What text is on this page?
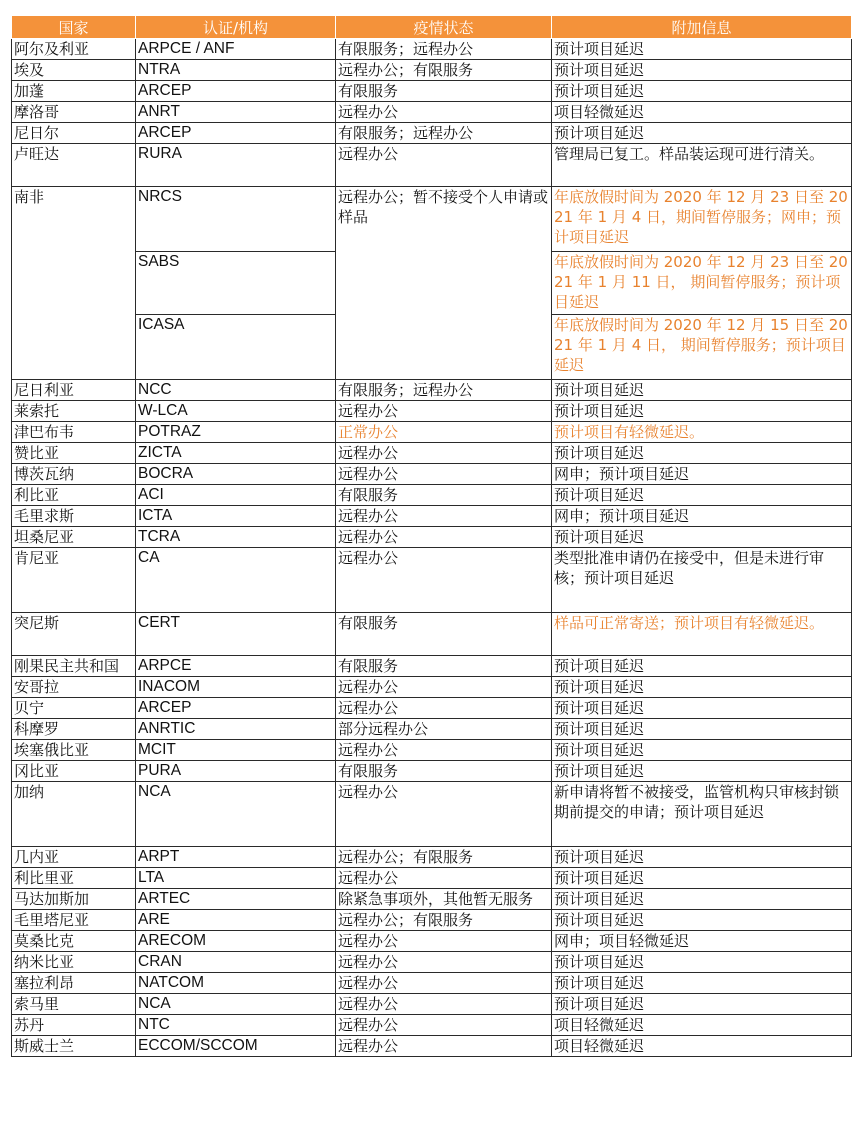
国家	认证/机构	疫情状态	附加信息
阿尔及利亚	ARPCE / ANF	有限服务；远程办公	预计项目延迟
埃及	NTRA	远程办公；有限服务	预计项目延迟
加蓬	ARCEP	有限服务	预计项目延迟
摩洛哥	ANRT	远程办公	项目轻微延迟
尼日尔	ARCEP	有限服务；远程办公	预计项目延迟
卢旺达	RURA	远程办公	管理局已复工。样品装运现可进行清关。
南非	NRCS	远程办公；暂不接受个人申请或样品	年底放假时间为 2020 年 12 月 23 日至 2021 年 1 月 4 日，期间暂停服务；网申；预计项目延迟
	SABS		年底放假时间为 2020 年 12 月 23 日至 2021 年 1 月 11 日， 期间暂停服务；预计项目延迟
	ICASA		年底放假时间为 2020 年 12 月 15 日至 2021 年 1 月 4 日， 期间暂停服务；预计项目延迟
尼日利亚	NCC	有限服务；远程办公	预计项目延迟
莱索托	W-LCA	远程办公	预计项目延迟
津巴布韦	POTRAZ	正常办公	预计项目有轻微延迟。
赞比亚	ZICTA	远程办公	预计项目延迟
博茨瓦纳	BOCRA	远程办公	网申；预计项目延迟
利比亚	ACI	有限服务	预计项目延迟
毛里求斯	ICTA	远程办公	网申；预计项目延迟
坦桑尼亚	TCRA	远程办公	预计项目延迟
肯尼亚	CA	远程办公	类型批准申请仍在接受中，但是未进行审核；预计项目延迟
突尼斯	CERT	有限服务	样品可正常寄送；预计项目有轻微延迟。
刚果民主共和国	ARPCE	有限服务	预计项目延迟
安哥拉	INACOM	远程办公	预计项目延迟
贝宁	ARCEP	远程办公	预计项目延迟
科摩罗	ANRTIC	部分远程办公	预计项目延迟
埃塞俄比亚	MCIT	远程办公	预计项目延迟
冈比亚	PURA	有限服务	预计项目延迟
加纳	NCA	远程办公	新申请将暂不被接受，监管机构只审核封锁期前提交的申请；预计项目延迟
几内亚	ARPT	远程办公；有限服务	预计项目延迟
利比里亚	LTA	远程办公	预计项目延迟
马达加斯加	ARTEC	除紧急事项外，其他暂无服务	预计项目延迟
毛里塔尼亚	ARE	远程办公；有限服务	预计项目延迟
莫桑比克	ARECOM	远程办公	网申；项目轻微延迟
纳米比亚	CRAN	远程办公	预计项目延迟
塞拉利昂	NATCOM	远程办公	预计项目延迟
索马里	NCA	远程办公	预计项目延迟
苏丹	NTC	远程办公	项目轻微延迟
斯威士兰	ECCOM/SCCOM	远程办公	项目轻微延迟
